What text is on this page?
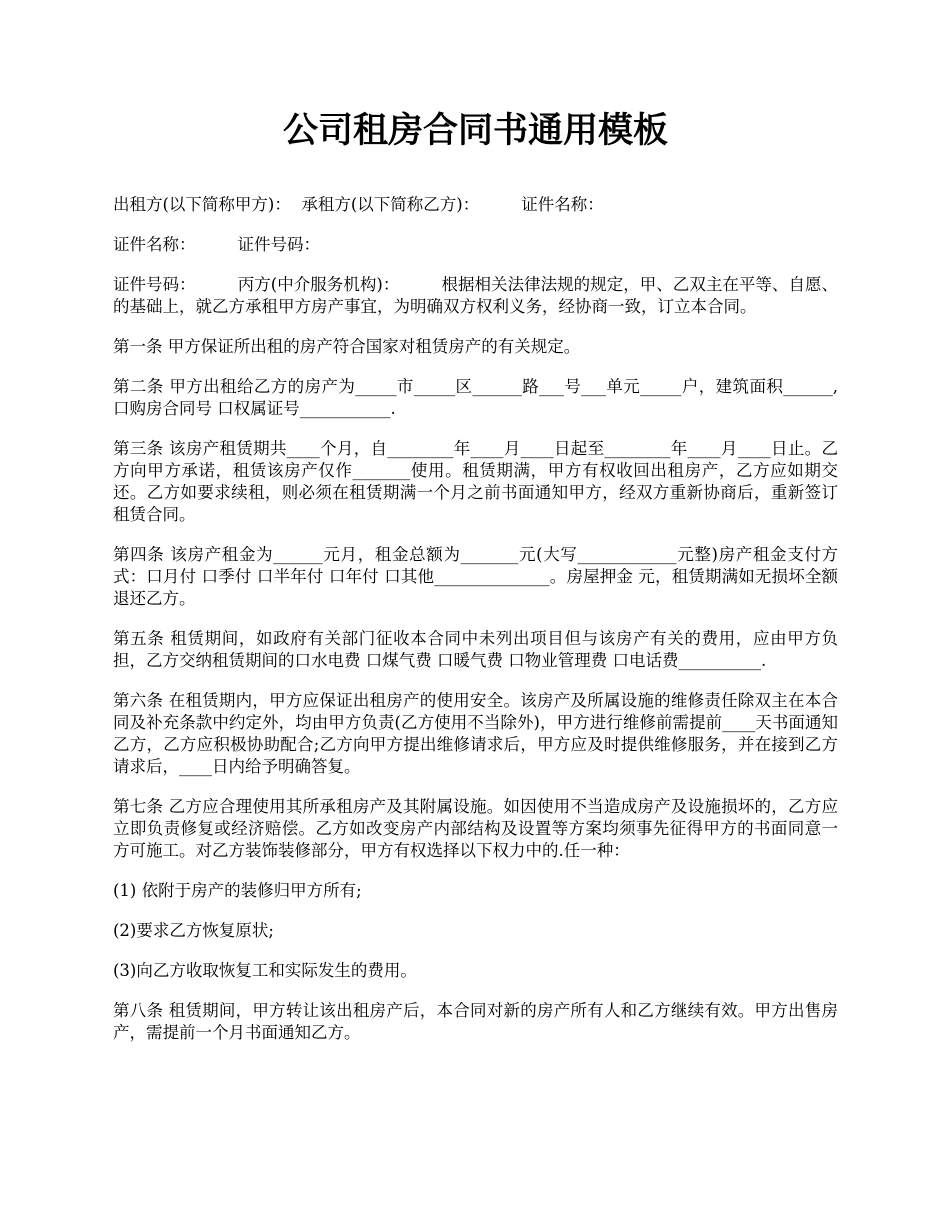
公司租房合同书通用模板

出租方(以下简称甲方)：  承租方(以下简称乙方)：        证件名称：

证件名称：        证件号码：

证件号码：        丙方(中介服务机构)：        根据相关法律法规的规定，甲、乙双主在平等、自愿、的基础上，就乙方承租甲方房产事宜，为明确双方权利义务，经协商一致，订立本合同。

第一条 甲方保证所出租的房产符合国家对租赁房产的有关规定。

第二条 甲方出租给乙方的房产为_____市_____区______路___号___单元_____户，建筑面积______,口购房合同号 口权属证号___________.

第三条 该房产租赁期共____个月，自________年____月____日起至________年____月____日止。乙方向甲方承诺，租赁该房产仅作_______使用。租赁期满，甲方有权收回出租房产，乙方应如期交还。乙方如要求续租，则必须在租赁期满一个月之前书面通知甲方，经双方重新协商后，重新签订租赁合同。

第四条 该房产租金为______元月，租金总额为_______元(大写____________元整)房产租金支付方式：口月付 口季付 口半年付 口年付 口其他______________。房屋押金 元，租赁期满如无损坏全额退还乙方。

第五条 租赁期间，如政府有关部门征收本合同中未列出项目但与该房产有关的费用，应由甲方负担，乙方交纳租赁期间的口水电费 口煤气费 口暖气费 口物业管理费 口电话费__________.

第六条 在租赁期内，甲方应保证出租房产的使用安全。该房产及所属设施的维修责任除双主在本合同及补充条款中约定外，均由甲方负责(乙方使用不当除外)，甲方进行维修前需提前____天书面通知乙方，乙方应积极协助配合;乙方向甲方提出维修请求后，甲方应及时提供维修服务，并在接到乙方请求后，____日内给予明确答复。

第七条 乙方应合理使用其所承租房产及其附属设施。如因使用不当造成房产及设施损坏的，乙方应立即负责修复或经济赔偿。乙方如改变房产内部结构及设置等方案均须事先征得甲方的书面同意一方可施工。对乙方装饰装修部分，甲方有权选择以下权力中的.任一种：

(1) 依附于房产的装修归甲方所有;

(2)要求乙方恢复原状;

(3)向乙方收取恢复工和实际发生的费用。

第八条 租赁期间，甲方转让该出租房产后，本合同对新的房产所有人和乙方继续有效。甲方出售房产，需提前一个月书面通知乙方。
